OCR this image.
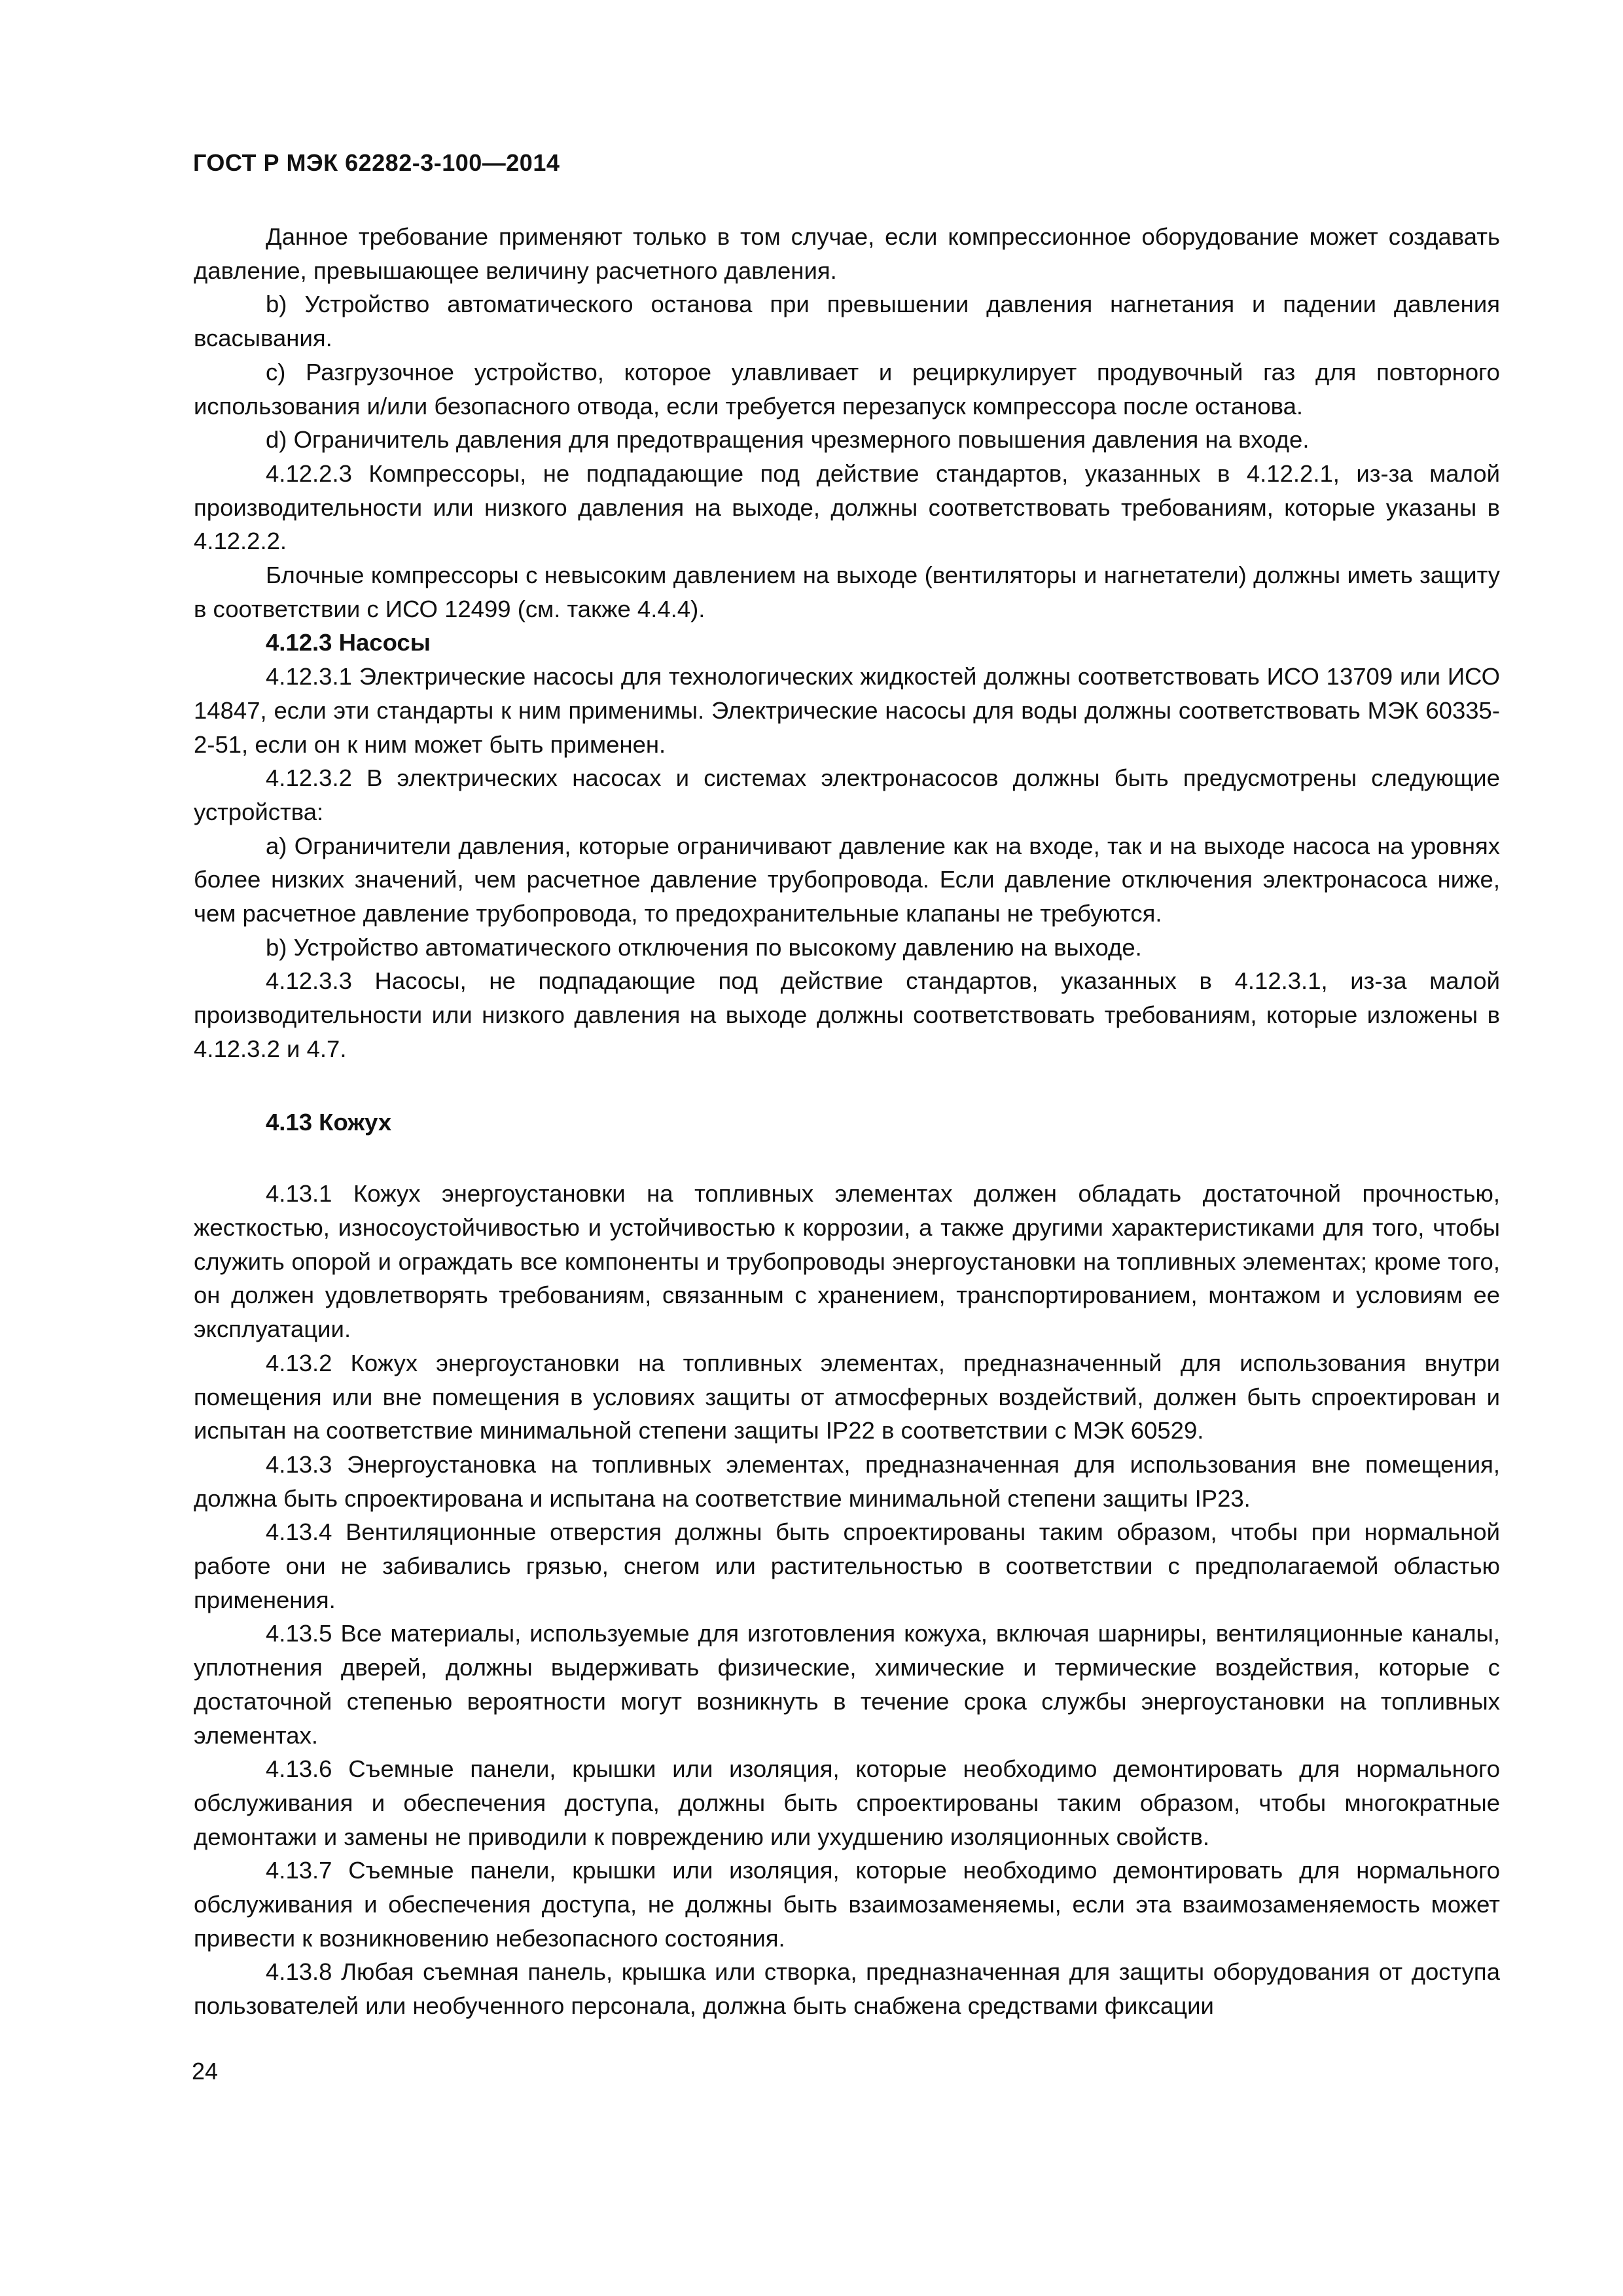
ГОСТ Р МЭК 62282-3-100—2014

Данное требование применяют только в том случае, если компрессионное оборудование может создавать давление, превышающее величину расчетного давления.

b) Устройство автоматического останова при превышении давления нагнетания и падении давления всасывания.

c) Разгрузочное устройство, которое улавливает и рециркулирует продувочный газ для повторного использования и/или безопасного отвода, если требуется перезапуск компрессора после останова.

d) Ограничитель давления для предотвращения чрезмерного повышения давления на входе.

4.12.2.3 Компрессоры, не подпадающие под действие стандартов, указанных в 4.12.2.1, из-за малой производительности или низкого давления на выходе, должны соответствовать требованиям, которые указаны в 4.12.2.2.

Блочные компрессоры с невысоким давлением на выходе (вентиляторы и нагнетатели) должны иметь защиту в соответствии с ИСО 12499 (см. также 4.4.4).

4.12.3 Насосы

4.12.3.1 Электрические насосы для технологических жидкостей должны соответствовать ИСО 13709 или ИСО 14847, если эти стандарты к ним применимы. Электрические насосы для воды должны соответствовать МЭК 60335-2-51, если он к ним может быть применен.

4.12.3.2 В электрических насосах и системах электронасосов должны быть предусмотрены следующие устройства:

a) Ограничители давления, которые ограничивают давление как на входе, так и на выходе насоса на уровнях более низких значений, чем расчетное давление трубопровода. Если давление отключения электронасоса ниже, чем расчетное давление трубопровода, то предохранительные клапаны не требуются.

b) Устройство автоматического отключения по высокому давлению на выходе.

4.12.3.3 Насосы, не подпадающие под действие стандартов, указанных в 4.12.3.1, из-за малой производительности или низкого давления на выходе должны соответствовать требованиям, которые изложены в 4.12.3.2 и 4.7.

4.13 Кожух

4.13.1 Кожух энергоустановки на топливных элементах должен обладать достаточной прочностью, жесткостью, износоустойчивостью и устойчивостью к коррозии, а также другими характеристиками для того, чтобы служить опорой и ограждать все компоненты и трубопроводы энергоустановки на топливных элементах; кроме того, он должен удовлетворять требованиям, связанным с хранением, транспортированием, монтажом и условиям ее эксплуатации.

4.13.2 Кожух энергоустановки на топливных элементах, предназначенный для использования внутри помещения или вне помещения в условиях защиты от атмосферных воздействий, должен быть спроектирован и испытан на соответствие минимальной степени защиты IP22 в соответствии с МЭК 60529.

4.13.3 Энергоустановка на топливных элементах, предназначенная для использования вне помещения, должна быть спроектирована и испытана на соответствие минимальной степени защиты IP23.

4.13.4 Вентиляционные отверстия должны быть спроектированы таким образом, чтобы при нормальной работе они не забивались грязью, снегом или растительностью в соответствии с предполагаемой областью применения.

4.13.5 Все материалы, используемые для изготовления кожуха, включая шарниры, вентиляционные каналы, уплотнения дверей, должны выдерживать физические, химические и термические воздействия, которые с достаточной степенью вероятности могут возникнуть в течение срока службы энергоустановки на топливных элементах.

4.13.6 Съемные панели, крышки или изоляция, которые необходимо демонтировать для нормального обслуживания и обеспечения доступа, должны быть спроектированы таким образом, чтобы многократные демонтажи и замены не приводили к повреждению или ухудшению изоляционных свойств.

4.13.7 Съемные панели, крышки или изоляция, которые необходимо демонтировать для нормального обслуживания и обеспечения доступа, не должны быть взаимозаменяемы, если эта взаимозаменяемость может привести к возникновению небезопасного состояния.

4.13.8 Любая съемная панель, крышка или створка, предназначенная для защиты оборудования от доступа пользователей или необученного персонала, должна быть снабжена средствами фиксации

24
